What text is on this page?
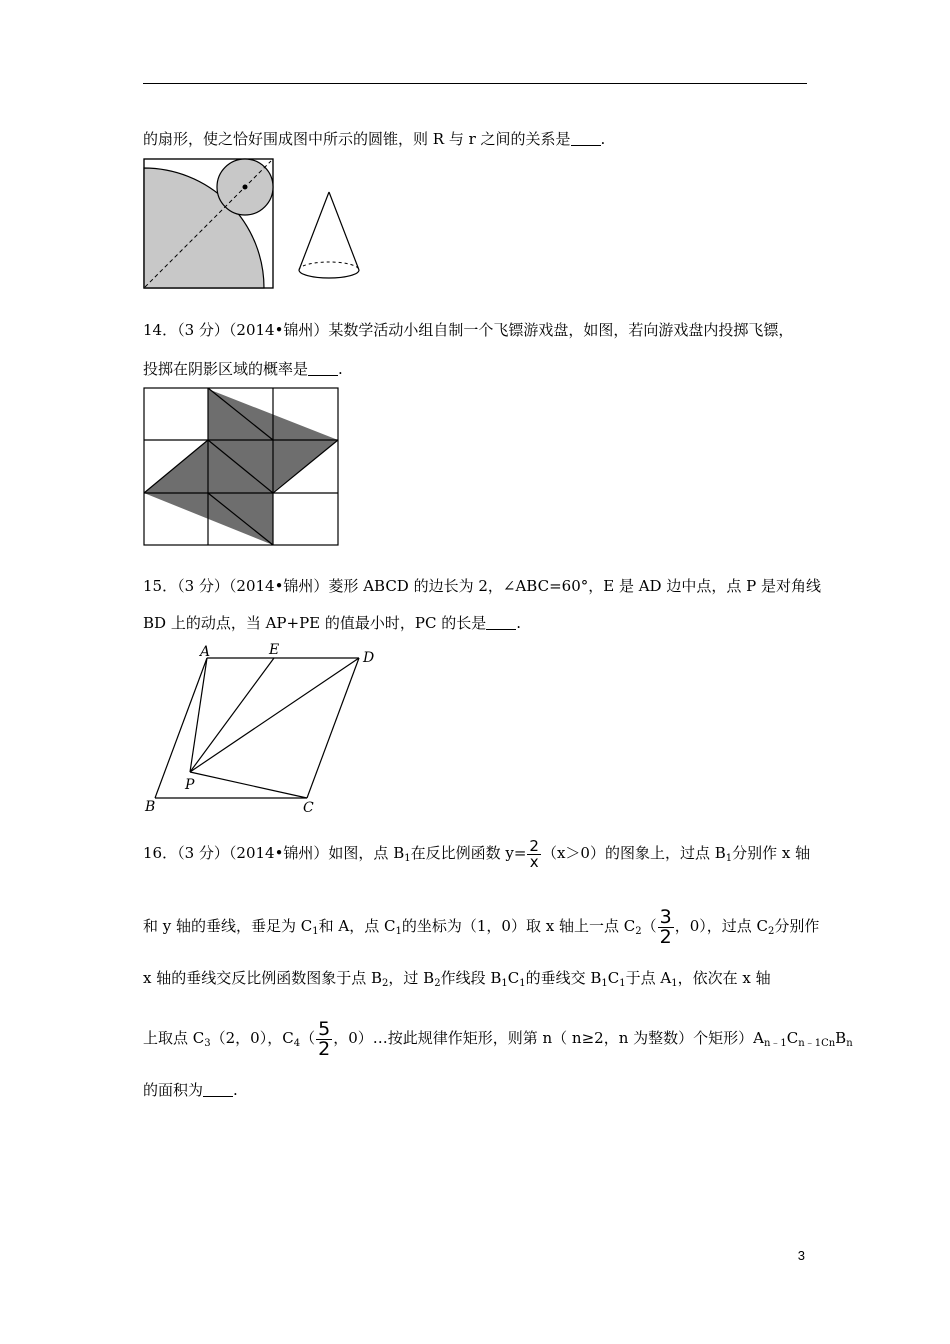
的扇形，使之恰好围成图中所示的圆锥，则 R 与 r 之间的关系是 .
14．（3 分）（2014•锦州）某数学活动小组自制一个飞镖游戏盘，如图，若向游戏盘内投掷飞镖，
投掷在阴影区域的概率是 .
15．（3 分）（2014•锦州）菱形 ABCD 的边长为 2，∠ABC=60°，E 是 AD 边中点，点 P 是对角线
BD 上的动点，当 AP+PE 的值最小时，PC 的长是 .
A	E	D
P
B	C
16．（3 分）（2014•锦州）如图，点 $B_1$在反比例函数 $y= \frac{2}{x} (x>0)$的图象上，过点 $B_1$分别作 x 轴
和 y 轴的垂线，垂足为 $C_1$和 A，点 $C_1$的坐标为（1，0）取 x 轴上一点 $C_2( \frac{3}{2}$ ，0），过点 $C_2$分别作
x 轴的垂线交反比例函数图象于点 $B_2$，过 $B_2$作线段 $B_1C_1$的垂线交 $B_1C_1$于点 $A_1$，依次在 x 轴
上取点 $C_3(2$，0），$C_4( \frac{5}{2}$ ，0）…按此规律作矩形，则第 n（ n≥2，n 为整数）个矩形）$A_{n﹣1}C_{n﹣1Cn}B_n$
的面积为 .
3
